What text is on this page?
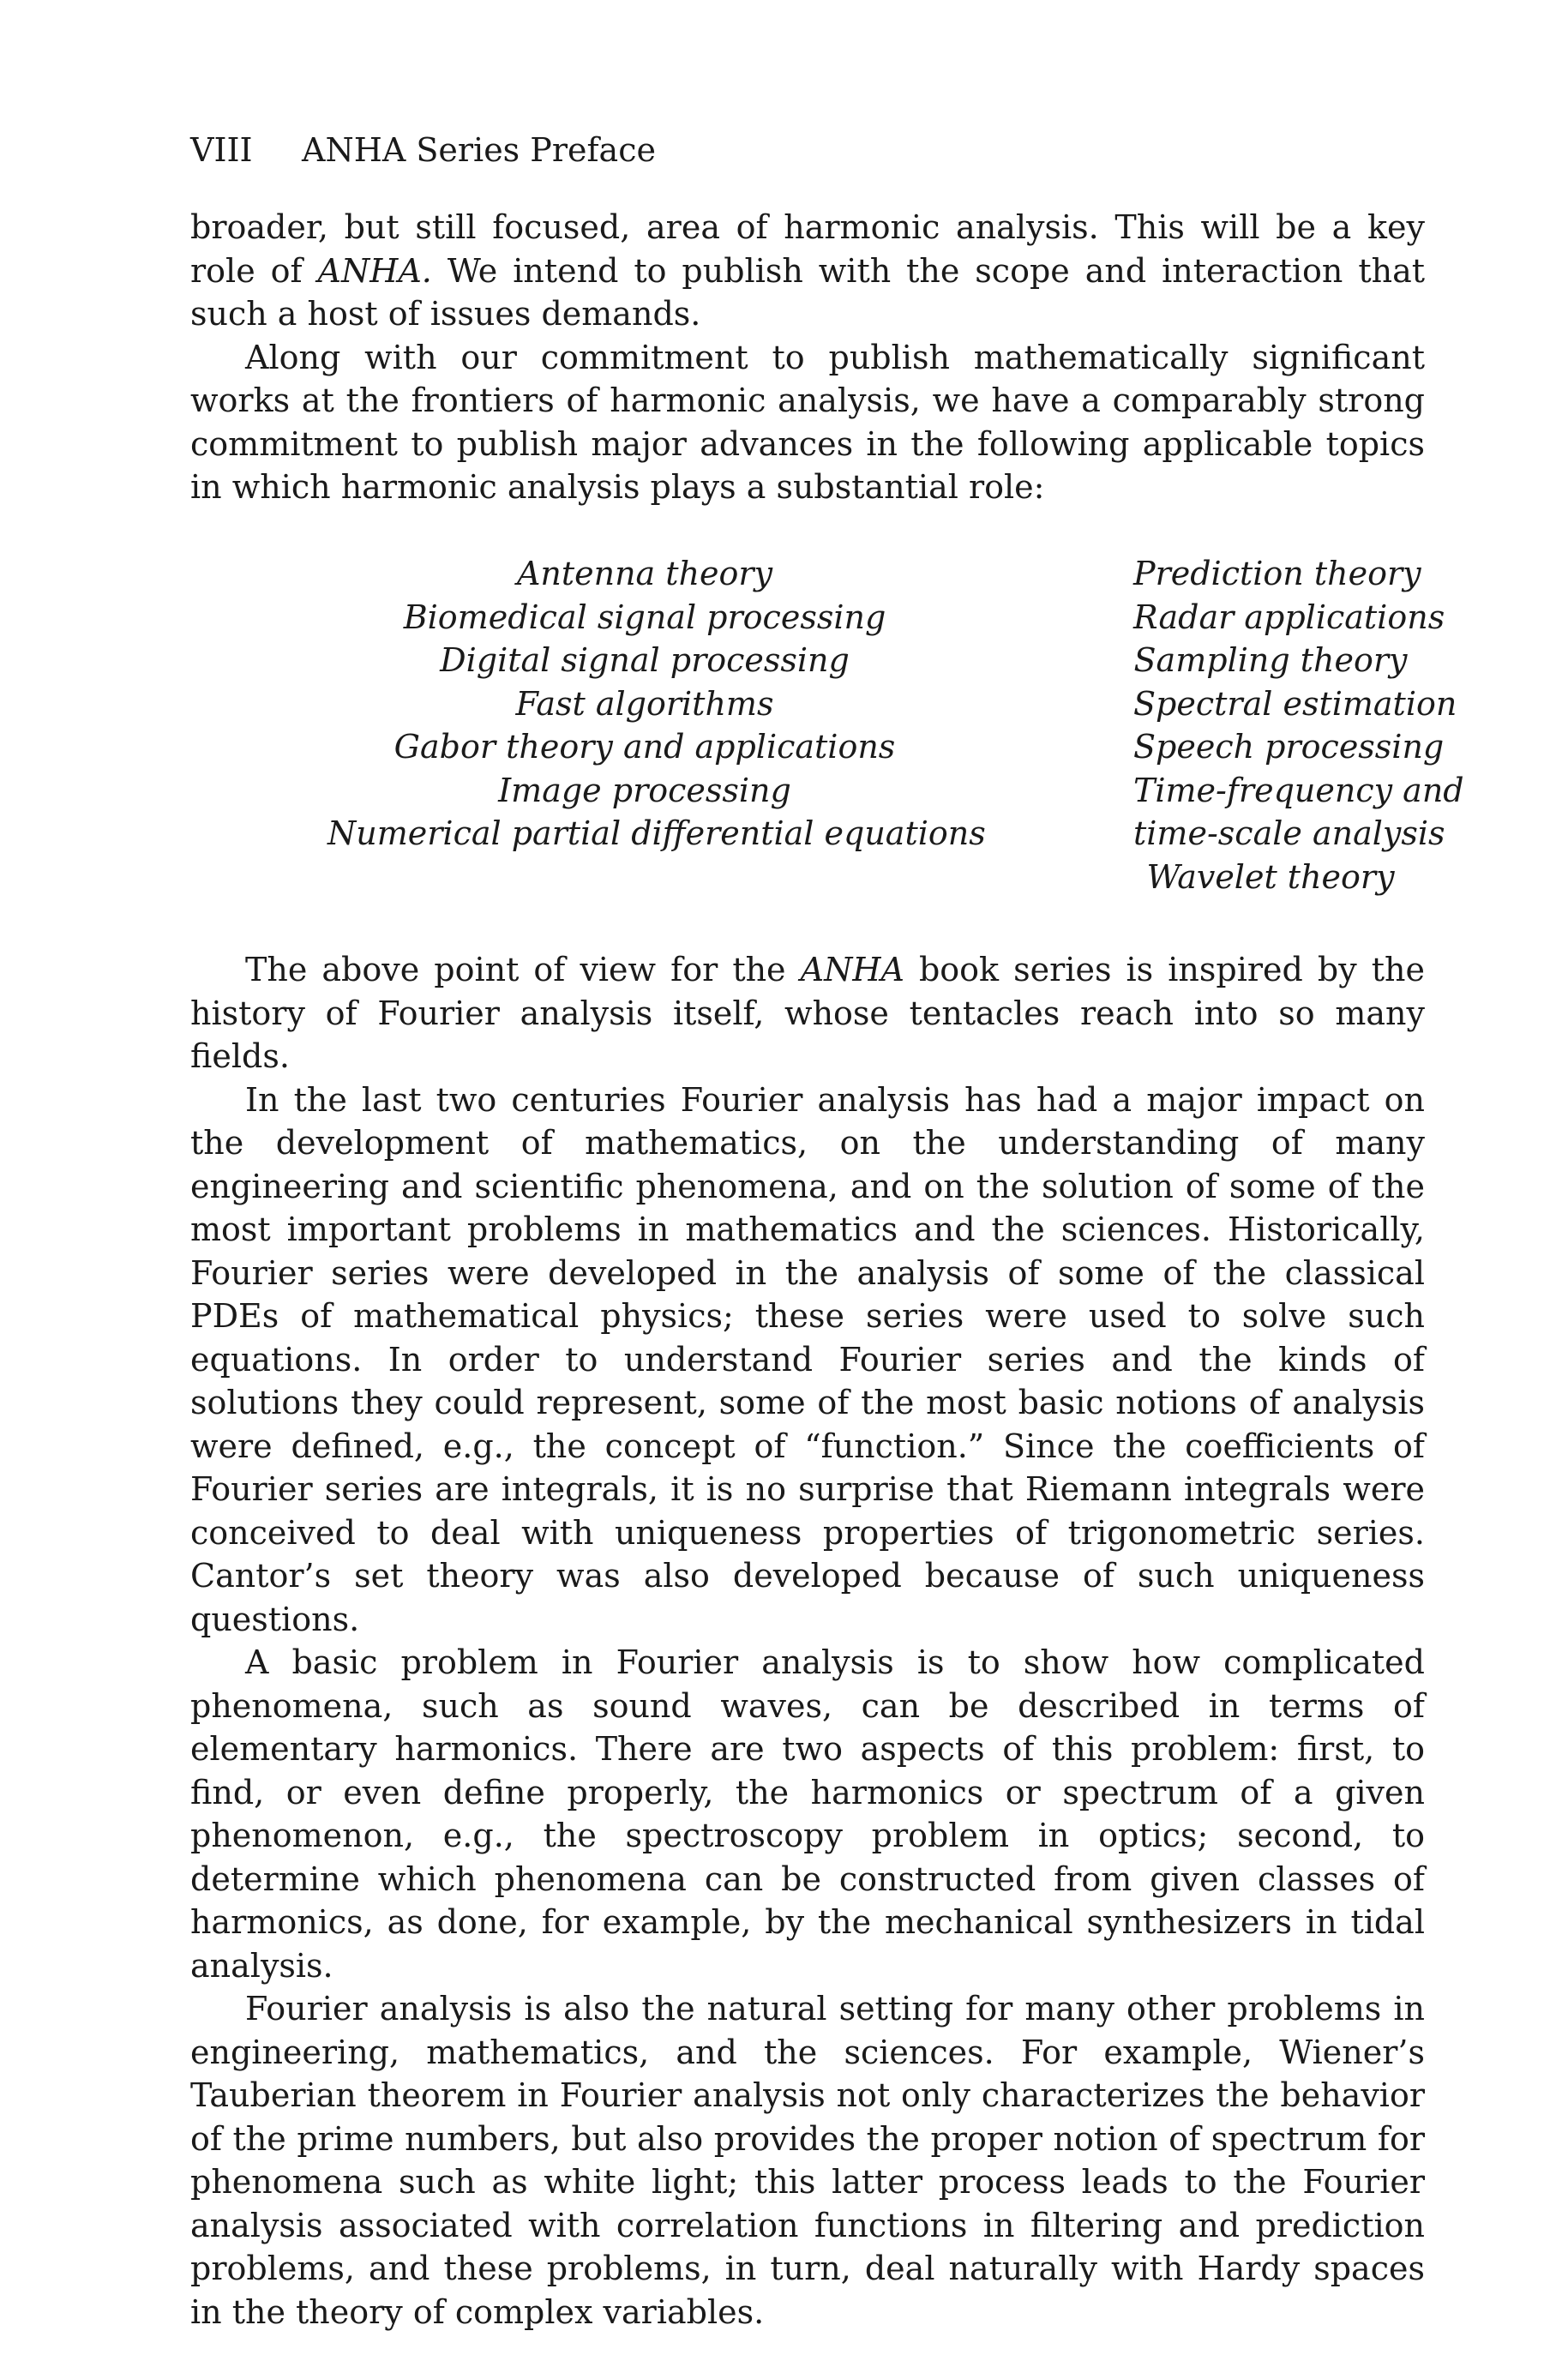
VIII ANHA Series Preface

broader, but still focused, area of harmonic analysis. This will be a key role of ANHA. We intend to publish with the scope and interaction that such a host of issues demands.

Along with our commitment to publish mathematically significant works at the frontiers of harmonic analysis, we have a comparably strong commitment to publish major advances in the following applicable topics in which harmonic analysis plays a substantial role:

Antenna theory
Biomedical signal processing
Digital signal processing
Fast algorithms
Gabor theory and applications
Image processing
Numerical partial differential equations
Prediction theory
Radar applications
Sampling theory
Spectral estimation
Speech processing
Time-frequency and
time-scale analysis
Wavelet theory

The above point of view for the ANHA book series is inspired by the history of Fourier analysis itself, whose tentacles reach into so many fields.

In the last two centuries Fourier analysis has had a major impact on the development of mathematics, on the understanding of many engineering and scientific phenomena, and on the solution of some of the most important problems in mathematics and the sciences. Historically, Fourier series were developed in the analysis of some of the classical PDEs of mathematical physics; these series were used to solve such equations. In order to understand Fourier series and the kinds of solutions they could represent, some of the most basic notions of analysis were defined, e.g., the concept of “function.” Since the coefficients of Fourier series are integrals, it is no surprise that Riemann integrals were conceived to deal with uniqueness properties of trigonometric series. Cantor’s set theory was also developed because of such uniqueness questions.

A basic problem in Fourier analysis is to show how complicated phenomena, such as sound waves, can be described in terms of elementary harmonics. There are two aspects of this problem: first, to find, or even define properly, the harmonics or spectrum of a given phenomenon, e.g., the spectroscopy problem in optics; second, to determine which phenomena can be constructed from given classes of harmonics, as done, for example, by the mechanical synthesizers in tidal analysis.

Fourier analysis is also the natural setting for many other problems in engineering, mathematics, and the sciences. For example, Wiener’s Tauberian theorem in Fourier analysis not only characterizes the behavior of the prime numbers, but also provides the proper notion of spectrum for phenomena such as white light; this latter process leads to the Fourier analysis associated with correlation functions in filtering and prediction problems, and these problems, in turn, deal naturally with Hardy spaces in the theory of complex variables.
